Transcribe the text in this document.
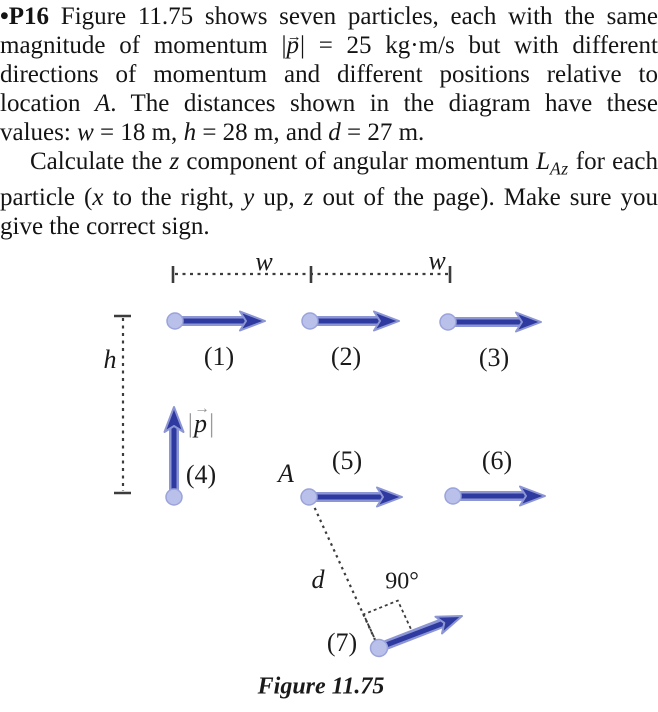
•P16 Figure 11.75 shows seven particles, each with the same magnitude of momentum |p →| = 25 kg·m/s but with different directions of momentum and different positions relative to location A. The distances shown in the diagram have these values: w = 18 m, h = 28 m, and d = 27 m.

Calculate the z component of angular momentum $L_{Az}$ for each particle (x to the right, y up, z out of the page). Make sure you give the correct sign.

w	w
h	(1)	(2)	(3)
|p →|
(4) A (5)	(6)
d	90°
(7)
Figure 11.75
